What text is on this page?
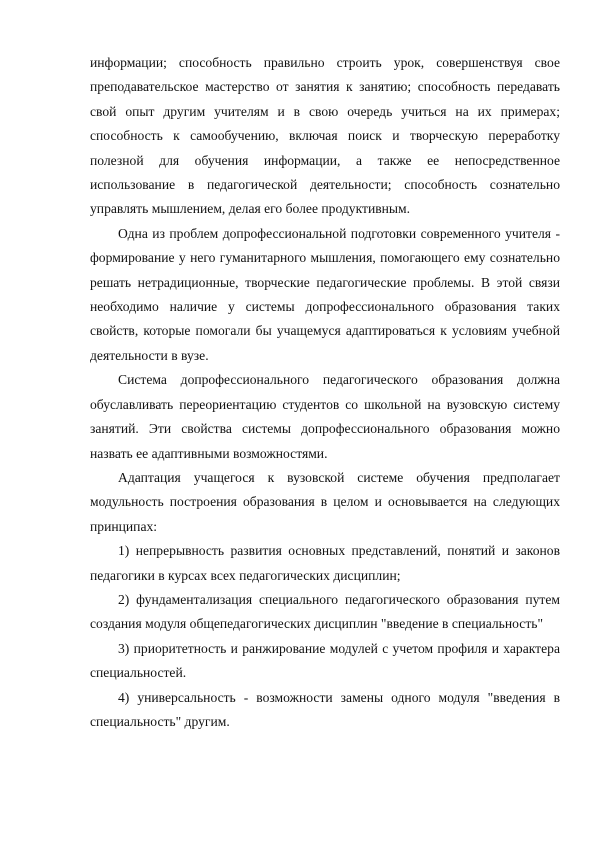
информации; способность правильно строить урок, совершенствуя свое преподавательское мастерство от занятия к занятию; способность передавать свой опыт другим учителям и в свою очередь учиться на их примерах; способность к самообучению, включая поиск и творческую переработку полезной для обучения информации, а также ее непосредственное использование в педагогической деятельности; способность сознательно управлять мышлением, делая его более продуктивным.

Одна из проблем допрофессиональной подготовки современного учителя - формирование у него гуманитарного мышления, помогающего ему сознательно решать нетрадиционные, творческие педагогические проблемы. В этой связи необходимо наличие у системы допрофессионального образования таких свойств, которые помогали бы учащемуся адаптироваться к условиям учебной деятельности в вузе.

Система допрофессионального педагогического образования должна обуславливать переориентацию студентов со школьной на вузовскую систему занятий. Эти свойства системы допрофессионального образования можно назвать ее адаптивными возможностями.

Адаптация учащегося к вузовской системе обучения предполагает модульность построения образования в целом и основывается на следующих принципах:

1) непрерывность развития основных представлений, понятий и законов педагогики в курсах всех педагогических дисциплин;

2) фундаментализация специального педагогического образования путем создания модуля общепедагогических дисциплин "введение в специальность"

3) приоритетность и ранжирование модулей с учетом профиля и характера специальностей.

4) универсальность - возможности замены одного модуля "введения в специальность" другим.
